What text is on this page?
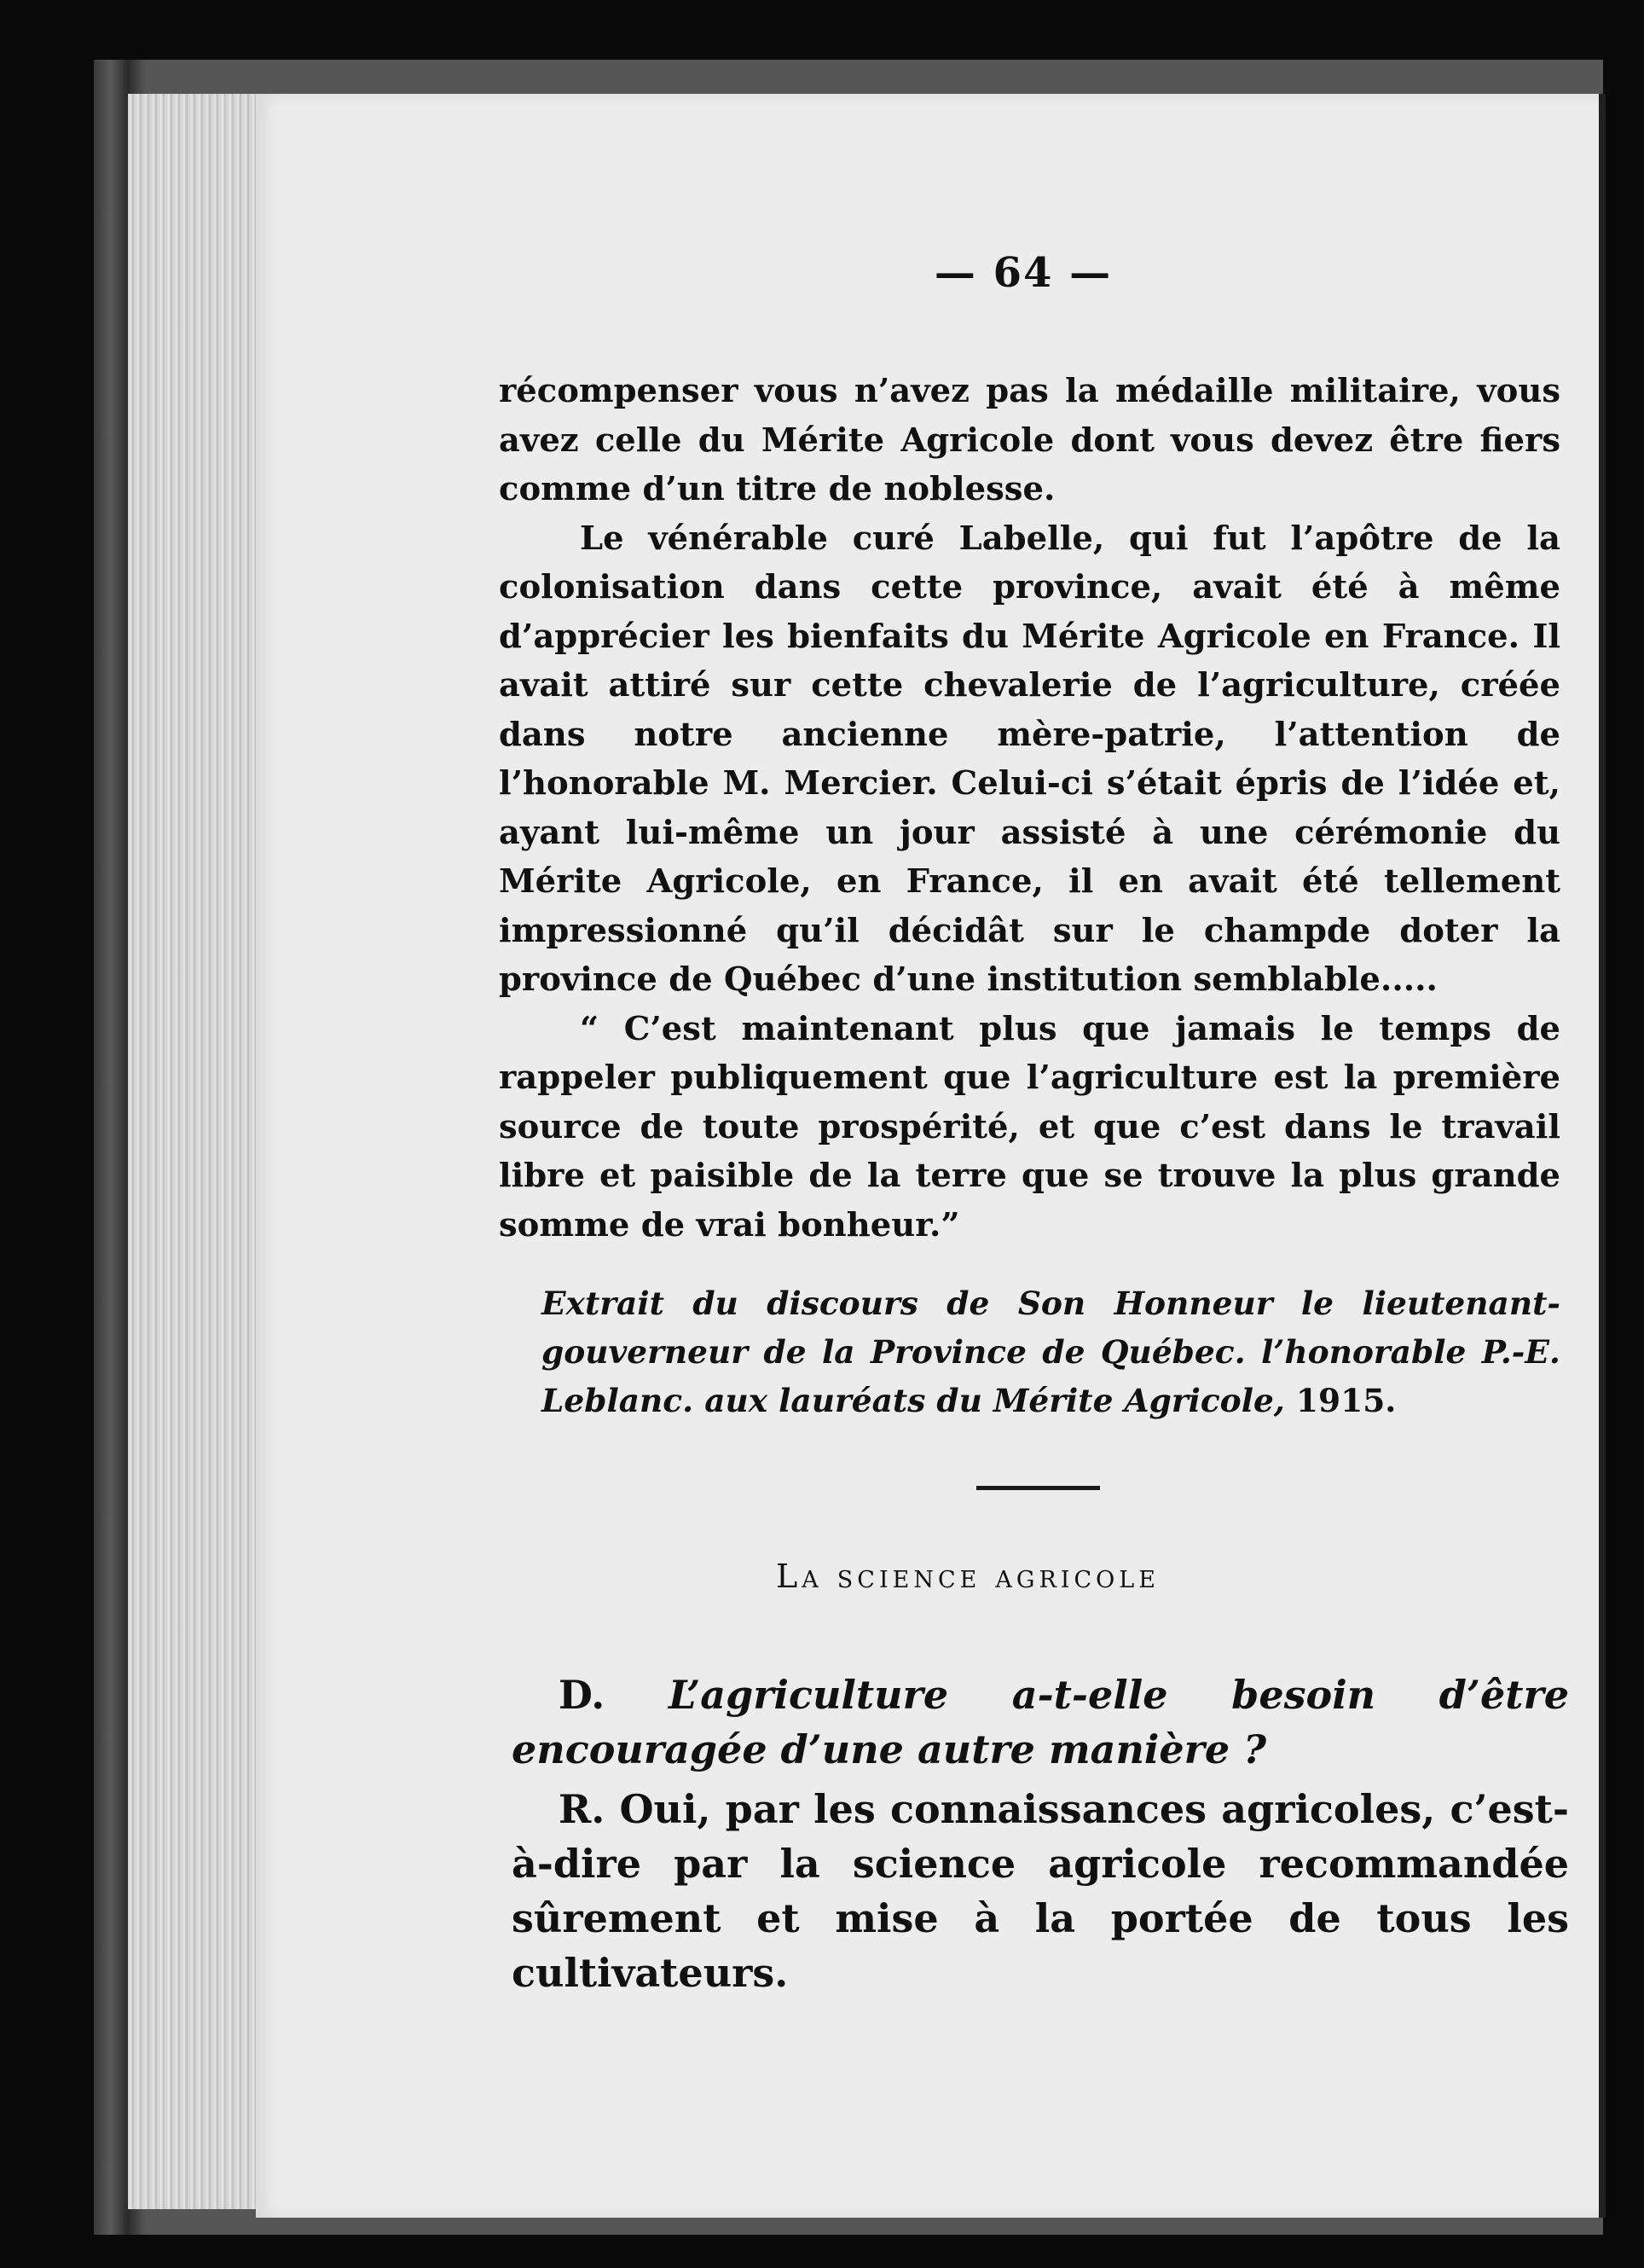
— 64 —

récompenser vous n’avez pas la médaille militaire, vous avez celle du Mérite Agricole dont vous devez être fiers comme d’un titre de noblesse.

Le vénérable curé Labelle, qui fut l’apôtre de la colonisation dans cette province, avait été à même d’apprécier les bienfaits du Mérite Agricole en France. Il avait attiré sur cette chevalerie de l’agriculture, créée dans notre ancienne mère-patrie, l’attention de l’honorable M. Mercier. Celui-ci s’était épris de l’idée et, ayant lui-même un jour assisté à une cérémonie du Mérite Agricole, en France, il en avait été tellement impressionné qu’il décidât sur le champde doter la province de Québec d’une institution semblable.....

“ C’est maintenant plus que jamais le temps de rappeler publiquement que l’agriculture est la première source de toute prospérité, et que c’est dans le travail libre et paisible de la terre que se trouve la plus grande somme de vrai bonheur.”

Extrait du discours de Son Honneur le lieutenant-gouverneur de la Province de Québec. l’honorable P.-E. Leblanc. aux lauréats du Mérite Agricole, 1915.
La science agricole

D. L’agriculture a-t-elle besoin d’être encouragée d’une autre manière ?

R. Oui, par les connaissances agricoles, c’est-à-dire par la science agricole recommandée sûrement et mise à la portée de tous les cultivateurs.
